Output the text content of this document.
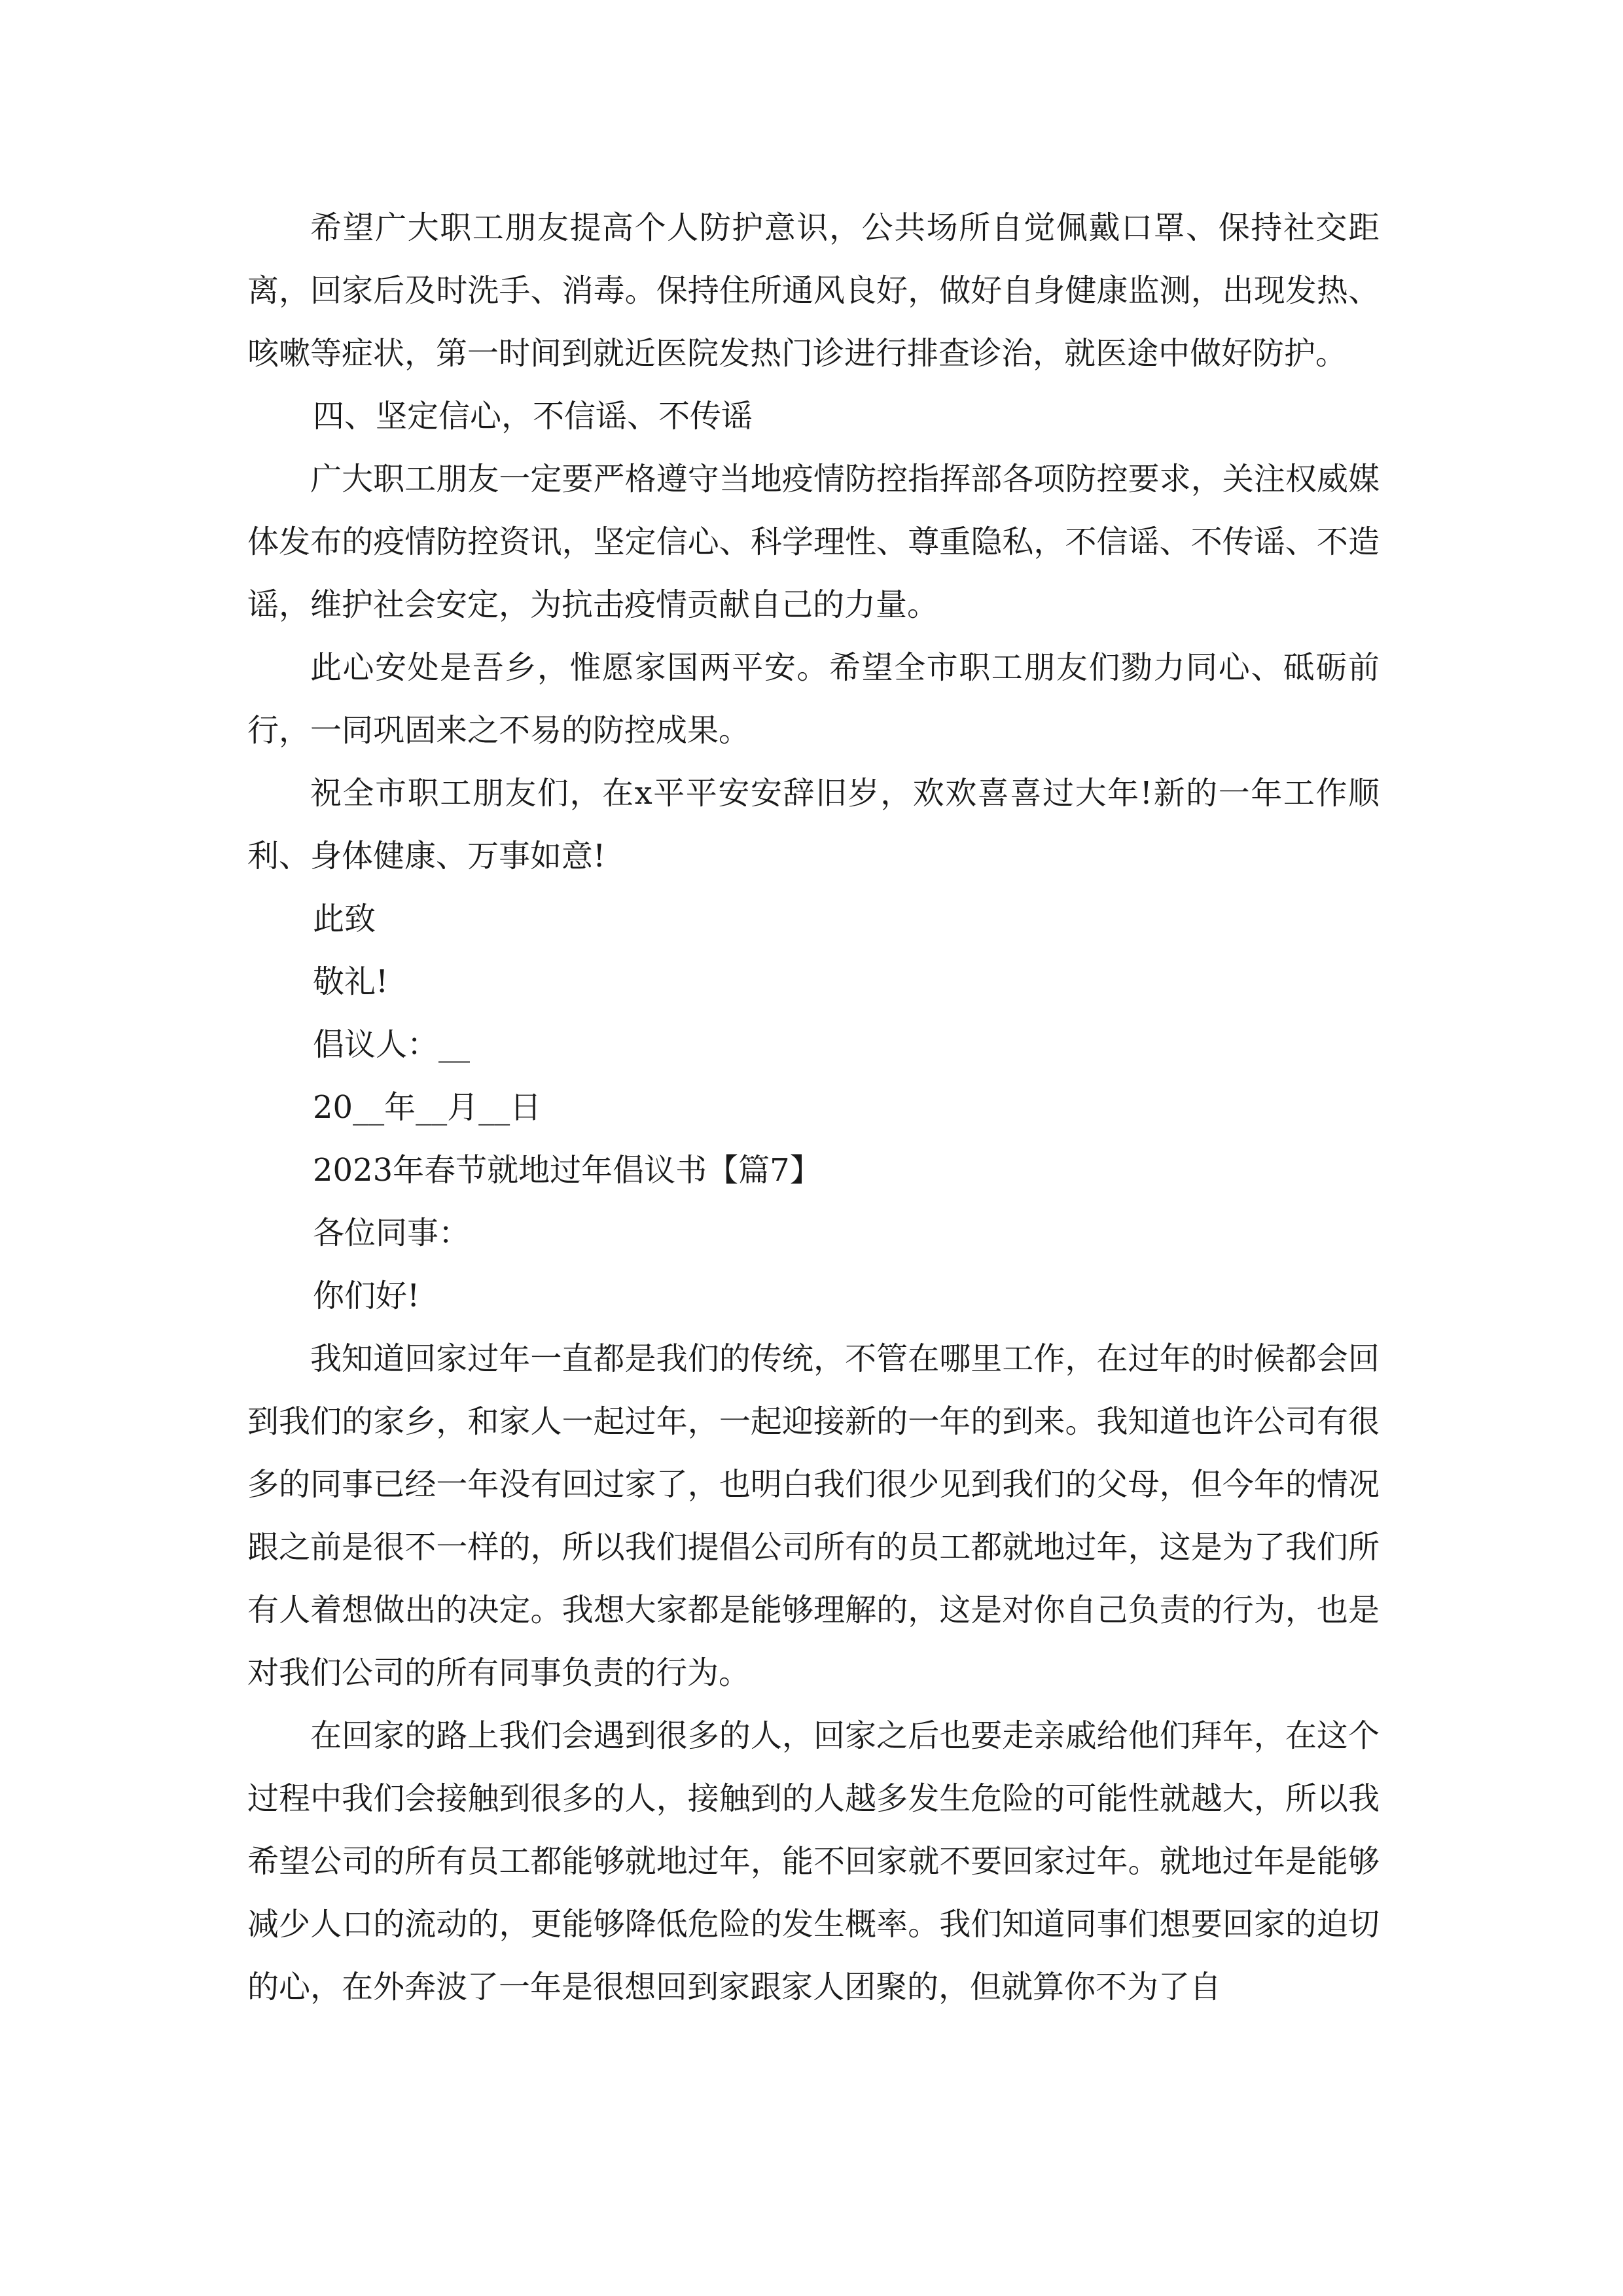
希望广大职工朋友提高个人防护意识，公共场所自觉佩戴口罩、保持社交距离，回家后及时洗手、消毒。保持住所通风良好，做好自身健康监测，出现发热、咳嗽等症状，第一时间到就近医院发热门诊进行排查诊治，就医途中做好防护。

四、坚定信心，不信谣、不传谣

广大职工朋友一定要严格遵守当地疫情防控指挥部各项防控要求，关注权威媒体发布的疫情防控资讯，坚定信心、科学理性、尊重隐私，不信谣、不传谣、不造谣，维护社会安定，为抗击疫情贡献自己的力量。

此心安处是吾乡，惟愿家国两平安。希望全市职工朋友们勠力同心、砥砺前行，一同巩固来之不易的防控成果。

祝全市职工朋友们，在x平平安安辞旧岁，欢欢喜喜过大年!新的一年工作顺利、身体健康、万事如意!

此致

敬礼!

倡议人：__

20__年__月__日

2023年春节就地过年倡议书【篇7】

各位同事：

你们好!

我知道回家过年一直都是我们的传统，不管在哪里工作，在过年的时候都会回到我们的家乡，和家人一起过年，一起迎接新的一年的到来。我知道也许公司有很多的同事已经一年没有回过家了，也明白我们很少见到我们的父母，但今年的情况跟之前是很不一样的，所以我们提倡公司所有的员工都就地过年，这是为了我们所有人着想做出的决定。我想大家都是能够理解的，这是对你自己负责的行为，也是对我们公司的所有同事负责的行为。

在回家的路上我们会遇到很多的人，回家之后也要走亲戚给他们拜年，在这个过程中我们会接触到很多的人，接触到的人越多发生危险的可能性就越大，所以我希望公司的所有员工都能够就地过年，能不回家就不要回家过年。就地过年是能够减少人口的流动的，更能够降低危险的发生概率。我们知道同事们想要回家的迫切的心，在外奔波了一年是很想回到家跟家人团聚的，但就算你不为了自
